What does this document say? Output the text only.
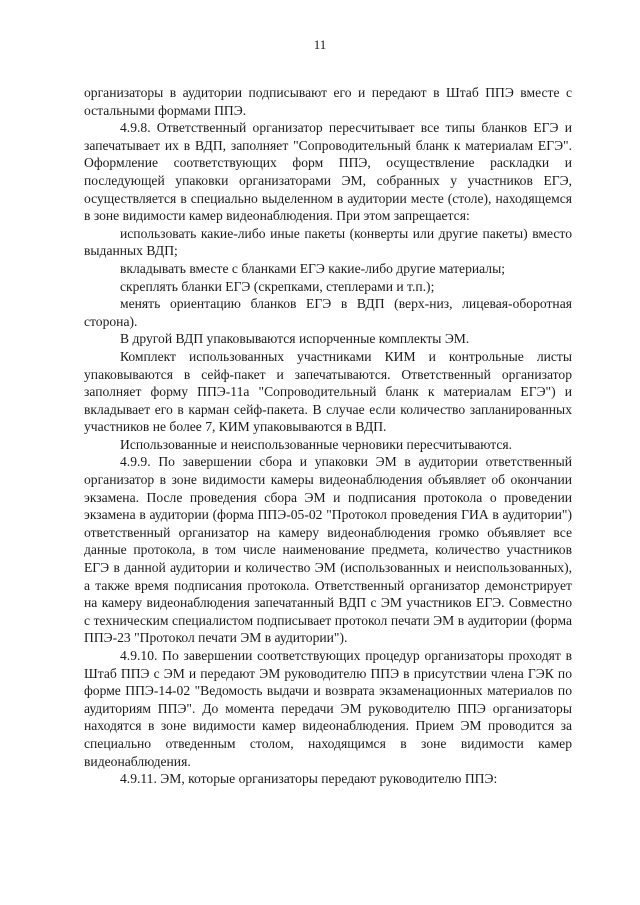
11

организаторы в аудитории подписывают его и передают в Штаб ППЭ вместе с остальными формами ППЭ.

4.9.8. Ответственный организатор пересчитывает все типы бланков ЕГЭ и запечатывает их в ВДП, заполняет "Сопроводительный бланк к материалам ЕГЭ". Оформление соответствующих форм ППЭ, осуществление раскладки и последующей упаковки организаторами ЭМ, собранных у участников ЕГЭ, осуществляется в специально выделенном в аудитории месте (столе), находящемся в зоне видимости камер видеонаблюдения. При этом запрещается:

использовать какие-либо иные пакеты (конверты или другие пакеты) вместо выданных ВДП;

вкладывать вместе с бланками ЕГЭ какие-либо другие материалы;

скреплять бланки ЕГЭ (скрепками, степлерами и т.п.);

менять ориентацию бланков ЕГЭ в ВДП (верх-низ, лицевая-оборотная сторона).

В другой ВДП упаковываются испорченные комплекты ЭМ.

Комплект использованных участниками КИМ и контрольные листы упаковываются в сейф-пакет и запечатываются. Ответственный организатор заполняет форму ППЭ-11а "Сопроводительный бланк к материалам ЕГЭ") и вкладывает его в карман сейф-пакета. В случае если количество запланированных участников не более 7, КИМ упаковываются в ВДП.

Использованные и неиспользованные черновики пересчитываются.

4.9.9. По завершении сбора и упаковки ЭМ в аудитории ответственный организатор в зоне видимости камеры видеонаблюдения объявляет об окончании экзамена. После проведения сбора ЭМ и подписания протокола о проведении экзамена в аудитории (форма ППЭ-05-02 "Протокол проведения ГИА в аудитории") ответственный организатор на камеру видеонаблюдения громко объявляет все данные протокола, в том числе наименование предмета, количество участников ЕГЭ в данной аудитории и количество ЭМ (использованных и неиспользованных), а также время подписания протокола. Ответственный организатор демонстрирует на камеру видеонаблюдения запечатанный ВДП с ЭМ участников ЕГЭ. Совместно с техническим специалистом подписывает протокол печати ЭМ в аудитории (форма ППЭ-23 "Протокол печати ЭМ в аудитории").

4.9.10. По завершении соответствующих процедур организаторы проходят в Штаб ППЭ с ЭМ и передают ЭМ руководителю ППЭ в присутствии члена ГЭК по форме ППЭ-14-02 "Ведомость выдачи и возврата экзаменационных материалов по аудиториям ППЭ". До момента передачи ЭМ руководителю ППЭ организаторы находятся в зоне видимости камер видеонаблюдения. Прием ЭМ проводится за специально отведенным столом, находящимся в зоне видимости камер видеонаблюдения.

4.9.11. ЭМ, которые организаторы передают руководителю ППЭ:
